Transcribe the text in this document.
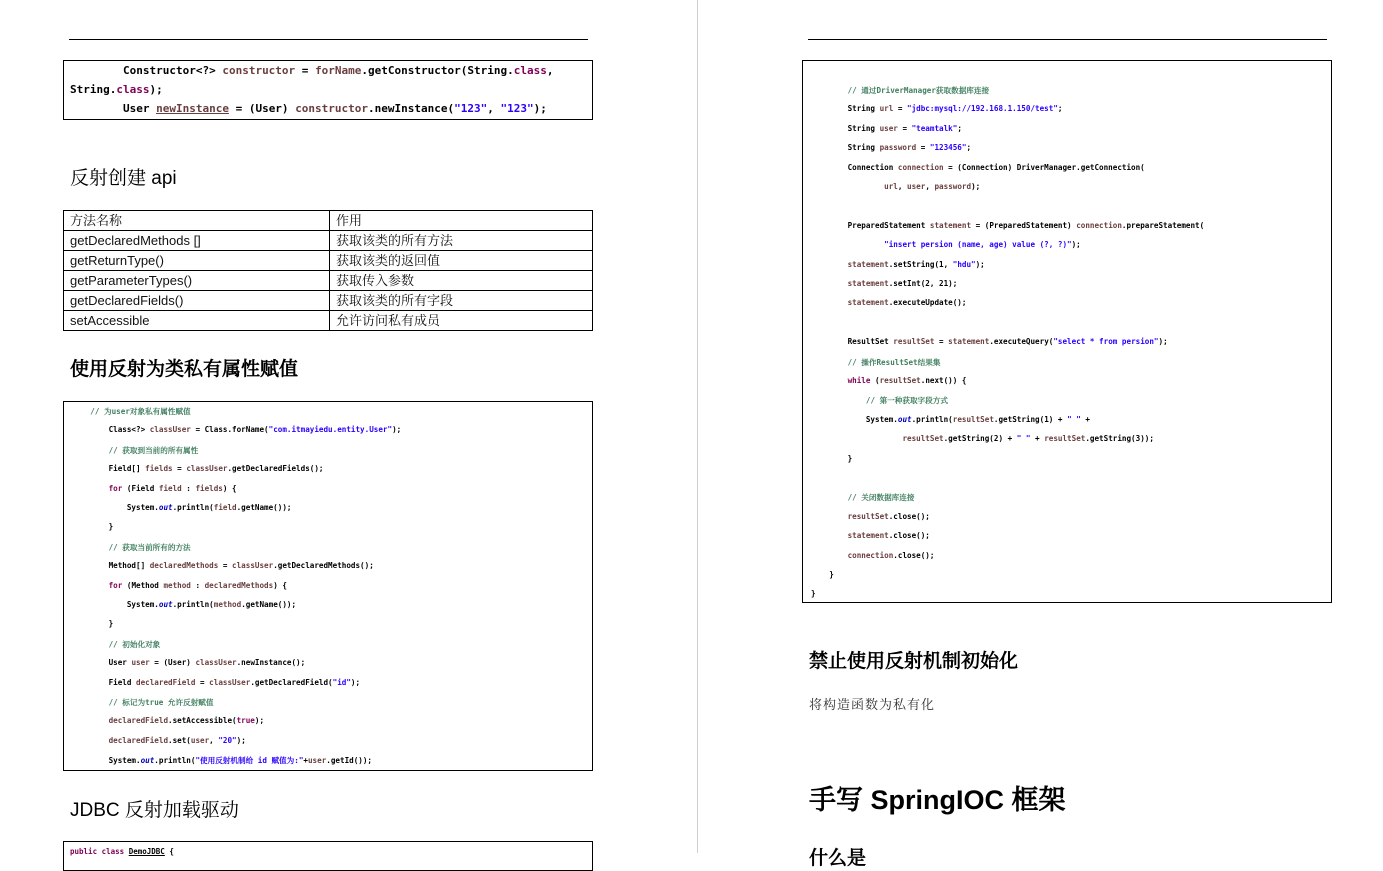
Constructor<?> constructor = forName.getConstructor(String.class,
String.class);
User newInstance = (User) constructor.newInstance("123", "123");
反射创建 api
方法名称	作用
getDeclaredMethods []	获取该类的所有方法
getReturnType()	获取该类的返回值
getParameterTypes()	获取传入参数
getDeclaredFields()	获取该类的所有字段
setAccessible	允许访问私有成员
使用反射为类私有属性赋值
// 为user对象私有属性赋值
Class<?> classUser = Class.forName("com.itmayiedu.entity.User");
// 获取到当前的所有属性
Field[] fields = classUser.getDeclaredFields();
for (Field field : fields) {
System.out.println(field.getName());
}
// 获取当前所有的方法
Method[] declaredMethods = classUser.getDeclaredMethods();
for (Method method : declaredMethods) {
System.out.println(method.getName());
}
// 初始化对象
User user = (User) classUser.newInstance();
Field declaredField = classUser.getDeclaredField("id");
// 标记为true 允许反射赋值
declaredField.setAccessible(true);
declaredField.set(user, "20");
System.out.println("使用反射机制给 id 赋值为:"+user.getId());
JDBC 反射加载驱动
public class DemoJDBC {
// 通过DriverManager获取数据库连接
String url = "jdbc:mysql://192.168.1.150/test";
String user = "teamtalk";
String password = "123456";
Connection connection = (Connection) DriverManager.getConnection(
url, user, password);
PreparedStatement statement = (PreparedStatement) connection.prepareStatement(
"insert persion (name, age) value (?, ?)");
statement.setString(1, "hdu");
statement.setInt(2, 21);
statement.executeUpdate();
ResultSet resultSet = statement.executeQuery("select * from persion");
// 操作ResultSet结果集
while (resultSet.next()) {
// 第一种获取字段方式
System.out.println(resultSet.getString(1) + " " +
resultSet.getString(2) + " " + resultSet.getString(3));
}
// 关闭数据库连接
resultSet.close();
statement.close();
connection.close();
}
}
禁止使用反射机制初始化
将构造函数为私有化
手写 SpringIOC 框架
什么是
